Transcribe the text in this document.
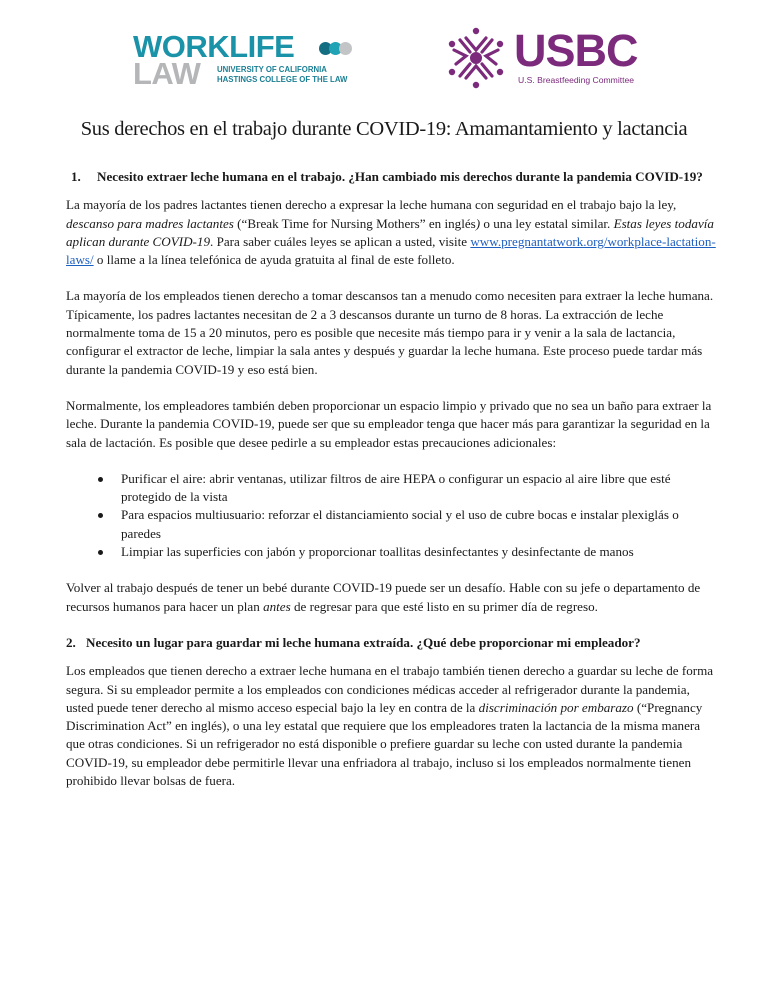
WORKLIFE
LAW UNIVERSITY OF CALIFORNIA
HASTINGS COLLEGE OF THE LAW
USBC
U.S. Breastfeeding Committee
Sus derechos en el trabajo durante COVID-19: Amamantamiento y lactancia
1.	Necesito extraer leche humana en el trabajo. ¿Han cambiado mis derechos durante la pandemia COVID-19?

La mayoría de los padres lactantes tienen derecho a expresar la leche humana con seguridad en el trabajo bajo la ley, descanso para madres lactantes (“Break Time for Nursing Mothers” en inglés) o una ley estatal similar. Estas leyes todavía aplican durante COVID-19. Para saber cuáles leyes se aplican a usted, visite www.pregnantatwork.org/workplace-lactation-laws/ o llame a la línea telefónica de ayuda gratuita al final de este folleto.

La mayoría de los empleados tienen derecho a tomar descansos tan a menudo como necesiten para extraer la leche humana. Típicamente, los padres lactantes necesitan de 2 a 3 descansos durante un turno de 8 horas. La extracción de leche normalmente toma de 15 a 20 minutos, pero es posible que necesite más tiempo para ir y venir a la sala de lactancia, configurar el extractor de leche, limpiar la sala antes y después y guardar la leche humana. Este proceso puede tardar más durante la pandemia COVID-19 y eso está bien.

Normalmente, los empleadores también deben proporcionar un espacio limpio y privado que no sea un baño para extraer la leche. Durante la pandemia COVID-19, puede ser que su empleador tenga que hacer más para garantizar la seguridad en la sala de lactación. Es posible que desee pedirle a su empleador estas precauciones adicionales:

Purificar el aire: abrir ventanas, utilizar filtros de aire HEPA o configurar un espacio al aire libre que esté protegido de la vista
Para espacios multiusuario: reforzar el distanciamiento social y el uso de cubre bocas e instalar plexiglás o paredes
Limpiar las superficies con jabón y proporcionar toallitas desinfectantes y desinfectante de manos

Volver al trabajo después de tener un bebé durante COVID-19 puede ser un desafío. Hable con su jefe o departamento de recursos humanos para hacer un plan antes de regresar para que esté listo en su primer día de regreso.

2. Necesito un lugar para guardar mi leche humana extraída. ¿Qué debe proporcionar mi empleador?

Los empleados que tienen derecho a extraer leche humana en el trabajo también tienen derecho a guardar su leche de forma segura. Si su empleador permite a los empleados con condiciones médicas acceder al refrigerador durante la pandemia, usted puede tener derecho al mismo acceso especial bajo la ley en contra de la discriminación por embarazo (“Pregnancy Discrimination Act” en inglés), o una ley estatal que requiere que los empleadores traten la lactancia de la misma manera que otras condiciones. Si un refrigerador no está disponible o prefiere guardar su leche con usted durante la pandemia COVID-19, su empleador debe permitirle llevar una enfriadora al trabajo, incluso si los empleados normalmente tienen prohibido llevar bolsas de fuera.
